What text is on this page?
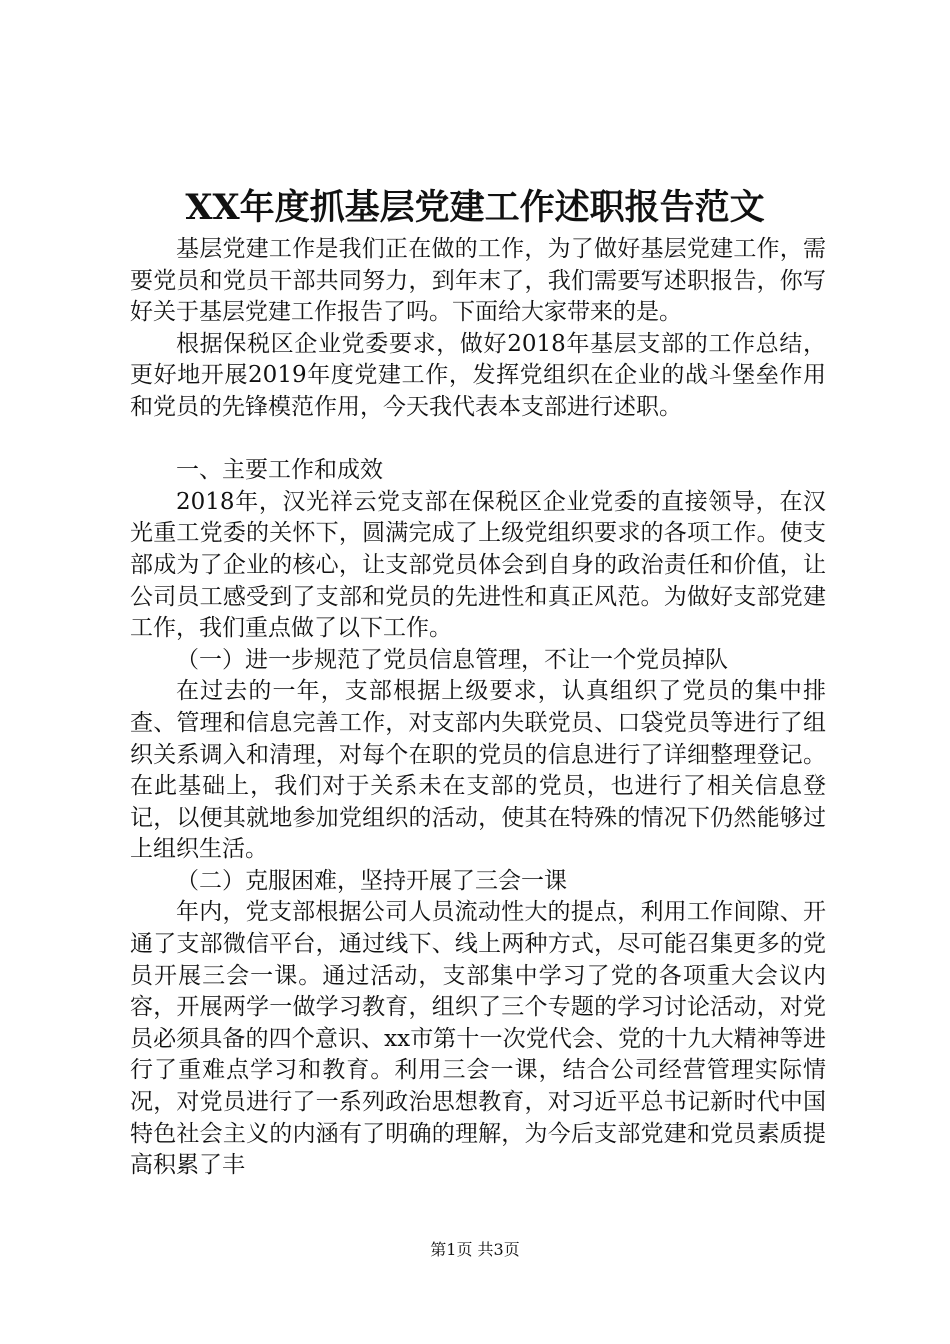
XX年度抓基层党建工作述职报告范文

基层党建工作是我们正在做的工作，为了做好基层党建工作，需要党员和党员干部共同努力，到年末了，我们需要写述职报告，你写好关于基层党建工作报告了吗。下面给大家带来的是。

根据保税区企业党委要求，做好2018年基层支部的工作总结，更好地开展2019年度党建工作，发挥党组织在企业的战斗堡垒作用和党员的先锋模范作用，今天我代表本支部进行述职。

一、主要工作和成效

2018年，汉光祥云党支部在保税区企业党委的直接领导，在汉光重工党委的关怀下，圆满完成了上级党组织要求的各项工作。使支部成为了企业的核心，让支部党员体会到自身的政治责任和价值，让公司员工感受到了支部和党员的先进性和真正风范。为做好支部党建工作，我们重点做了以下工作。

（一）进一步规范了党员信息管理，不让一个党员掉队

在过去的一年，支部根据上级要求，认真组织了党员的集中排查、管理和信息完善工作，对支部内失联党员、口袋党员等进行了组织关系调入和清理，对每个在职的党员的信息进行了详细整理登记。在此基础上，我们对于关系未在支部的党员，也进行了相关信息登记，以便其就地参加党组织的活动，使其在特殊的情况下仍然能够过上组织生活。

（二）克服困难，坚持开展了三会一课

年内，党支部根据公司人员流动性大的提点，利用工作间隙、开通了支部微信平台，通过线下、线上两种方式，尽可能召集更多的党员开展三会一课。通过活动，支部集中学习了党的各项重大会议内容，开展两学一做学习教育，组织了三个专题的学习讨论活动，对党员必须具备的四个意识、xx市第十一次党代会、党的十九大精神等进行了重难点学习和教育。利用三会一课，结合公司经营管理实际情况，对党员进行了一系列政治思想教育，对习近平总书记新时代中国特色社会主义的内涵有了明确的理解，为今后支部党建和党员素质提高积累了丰

第1页 共3页
